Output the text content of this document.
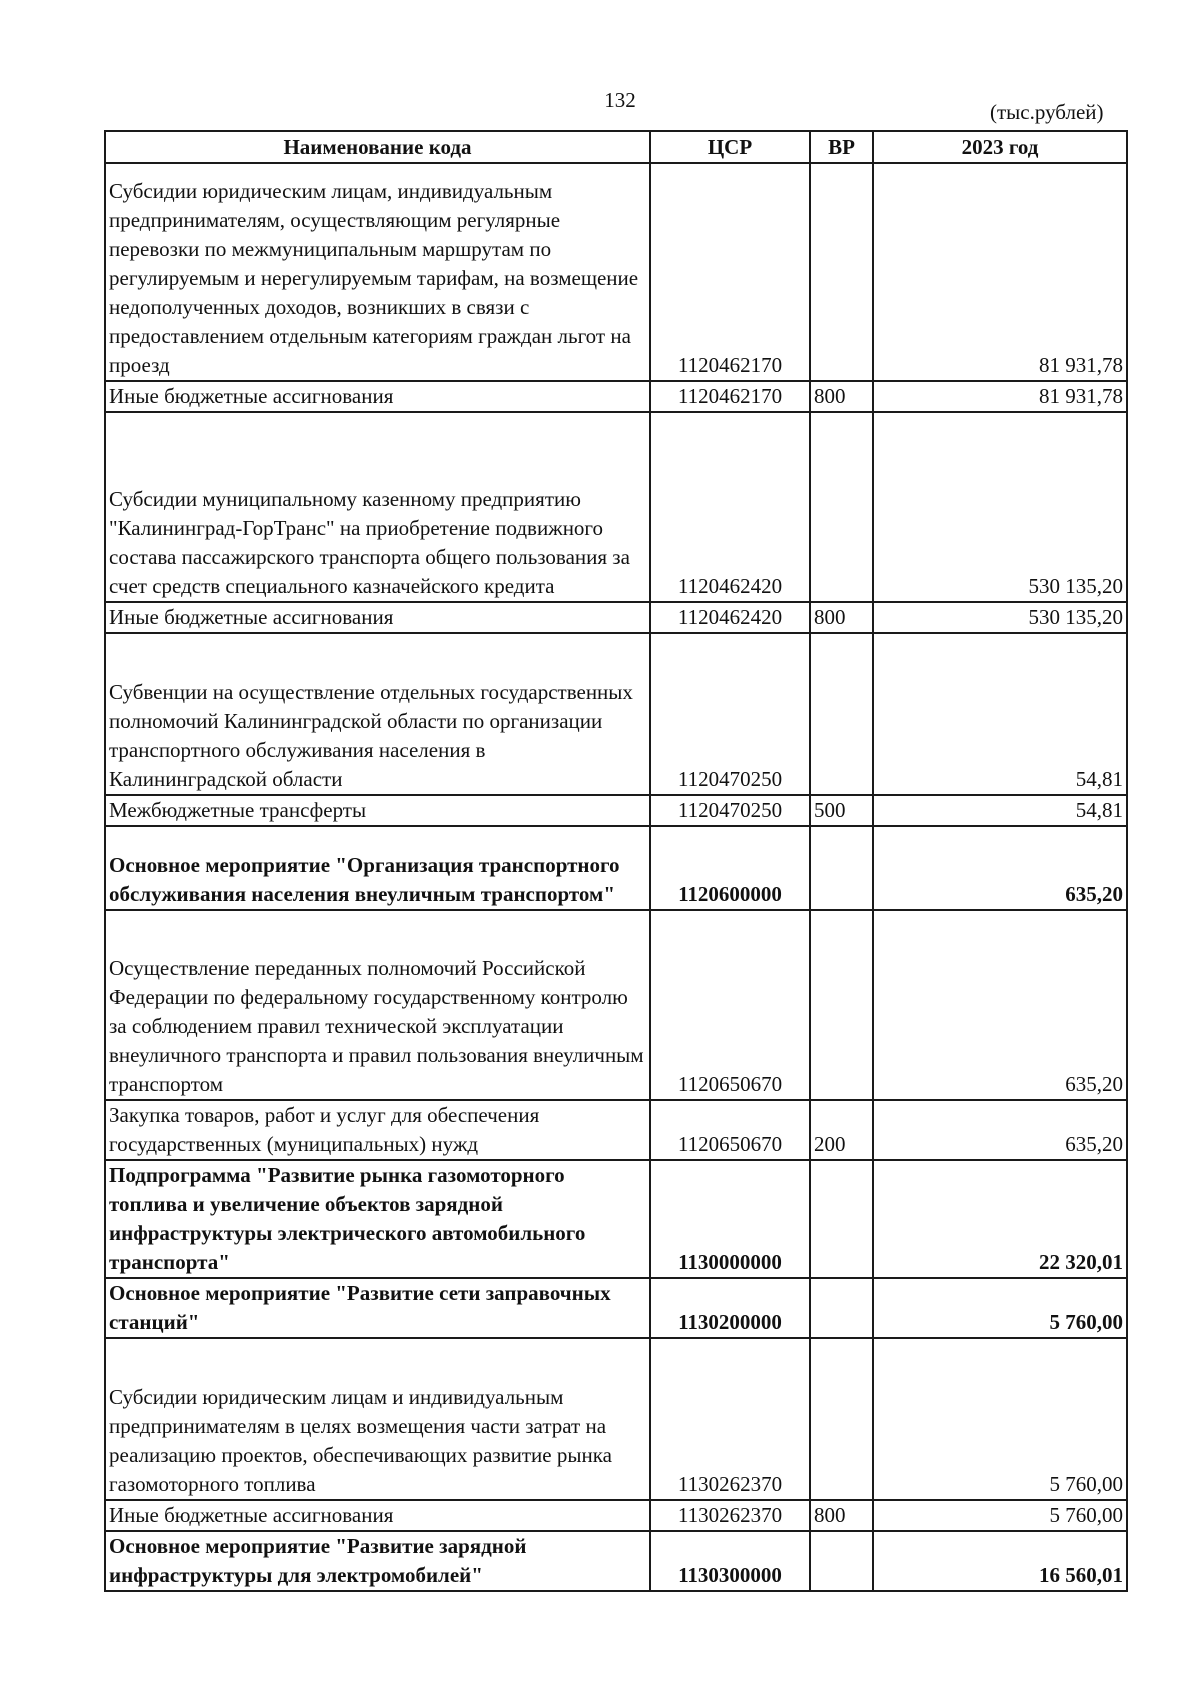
132	(тыс.рублей)
Наименование кода	ЦСР	ВР	2023 год
Субсидии юридическим лицам, индивидуальным предпринимателям, осуществляющим регулярные перевозки по межмуниципальным маршрутам по регулируемым и нерегулируемым тарифам, на возмещение недополученных доходов, возникших в связи с предоставлением отдельным категориям граждан льгот на проезд	1120462170		81 931,78
Иные бюджетные ассигнования	1120462170	800	81 931,78
Субсидии муниципальному казенному предприятию "Калининград-ГорТранс" на приобретение подвижного состава пассажирского транспорта общего пользования за счет средств специального казначейского кредита	1120462420		530 135,20
Иные бюджетные ассигнования	1120462420	800	530 135,20
Субвенции на осуществление отдельных государственных полномочий Калининградской области по организации транспортного обслуживания населения в Калининградской области	1120470250		54,81
Межбюджетные трансферты	1120470250	500	54,81
Основное мероприятие "Организация транспортного обслуживания населения внеуличным транспортом"	1120600000		635,20
Осуществление переданных полномочий Российской Федерации по федеральному государственному контролю за соблюдением правил технической эксплуатации внеуличного транспорта и правил пользования внеуличным транспортом	1120650670		635,20
Закупка товаров, работ и услуг для обеспечения государственных (муниципальных) нужд	1120650670	200	635,20
Подпрограмма "Развитие рынка газомоторного топлива и увеличение объектов зарядной инфраструктуры электрического автомобильного транспорта"	1130000000		22 320,01
Основное мероприятие "Развитие сети заправочных станций"	1130200000		5 760,00
Субсидии юридическим лицам и индивидуальным предпринимателям в целях возмещения части затрат на реализацию проектов, обеспечивающих развитие рынка газомоторного топлива	1130262370		5 760,00
Иные бюджетные ассигнования	1130262370	800	5 760,00
Основное мероприятие "Развитие зарядной инфраструктуры для электромобилей"	1130300000		16 560,01
